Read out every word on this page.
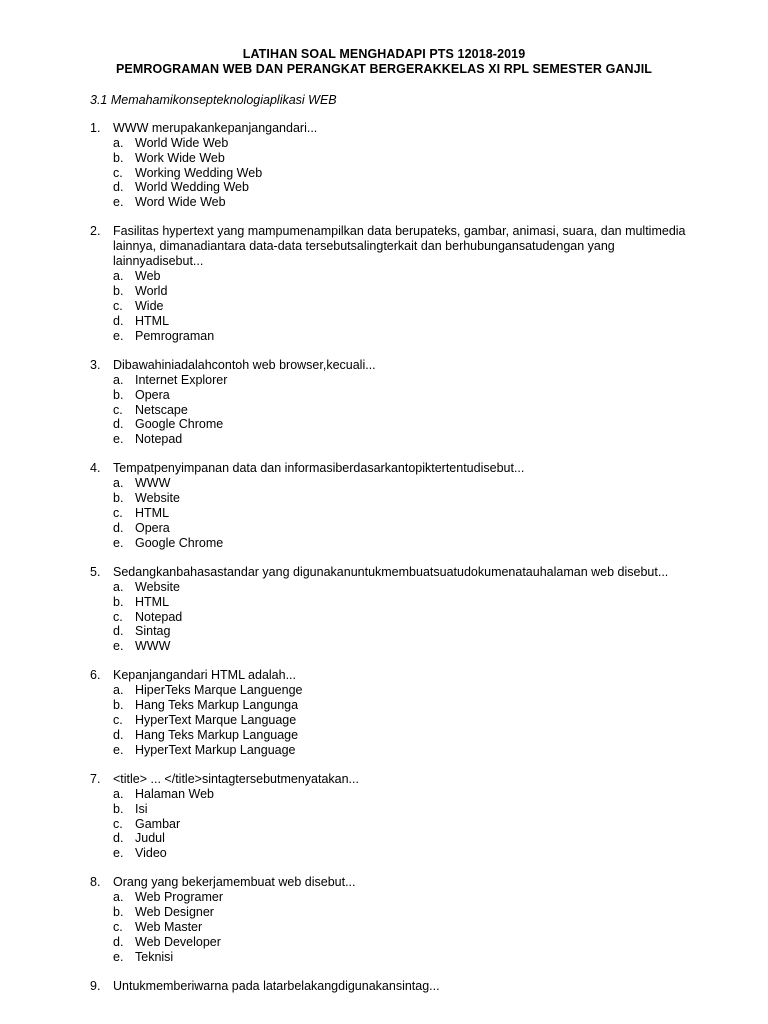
LATIHAN SOAL MENGHADAPI PTS 12018-2019
PEMROGRAMAN WEB DAN PERANGKAT BERGERAKKELAS XI RPL SEMESTER GANJIL
3.1 Memahamikonsepteknologiaplikasi WEB
1.	WWW merupakankepanjangandari...
a. World Wide Web
b. Work Wide Web
c. Working Wedding Web
d. World Wedding Web
e. Word Wide Web
2.	Fasilitas hypertext yang mampumenampilkan data berupateks, gambar, animasi, suara, dan multimedia lainnya, dimanadiantara data-data tersebutsalingterkait dan berhubungansatudengan yang lainnyadisebut...
a. Web
b. World
c. Wide
d. HTML
e. Pemrograman
3.	Dibawahiniadalahcontoh web browser,kecuali...
a. Internet Explorer
b. Opera
c. Netscape
d. Google Chrome
e. Notepad
4.	Tempatpenyimpanan data dan informasiberdasarkantopiktertentudisebut...
a. WWW
b. Website
c. HTML
d. Opera
e. Google Chrome
5.	Sedangkanbahasastandar yang digunakanuntukmembuatsuatudokumenatauhalaman web disebut...
a. Website
b. HTML
c. Notepad
d. Sintag
e. WWW
6.	Kepanjangandari HTML adalah...
a. HiperTeks Marque Languenge
b. Hang Teks Markup Langunga
c. HyperText Marque Language
d. Hang Teks Markup Language
e. HyperText Markup Language
7.	<title> ... </title>sintagtersebutmenyatakan...
a. Halaman Web
b. Isi
c. Gambar
d. Judul
e. Video
8.	Orang yang bekerjamembuat web disebut...
a. Web Programer
b. Web Designer
c. Web Master
d. Web Developer
e. Teknisi
9.	Untukmemberiwarna pada latarbelakangdigunakansintag...
